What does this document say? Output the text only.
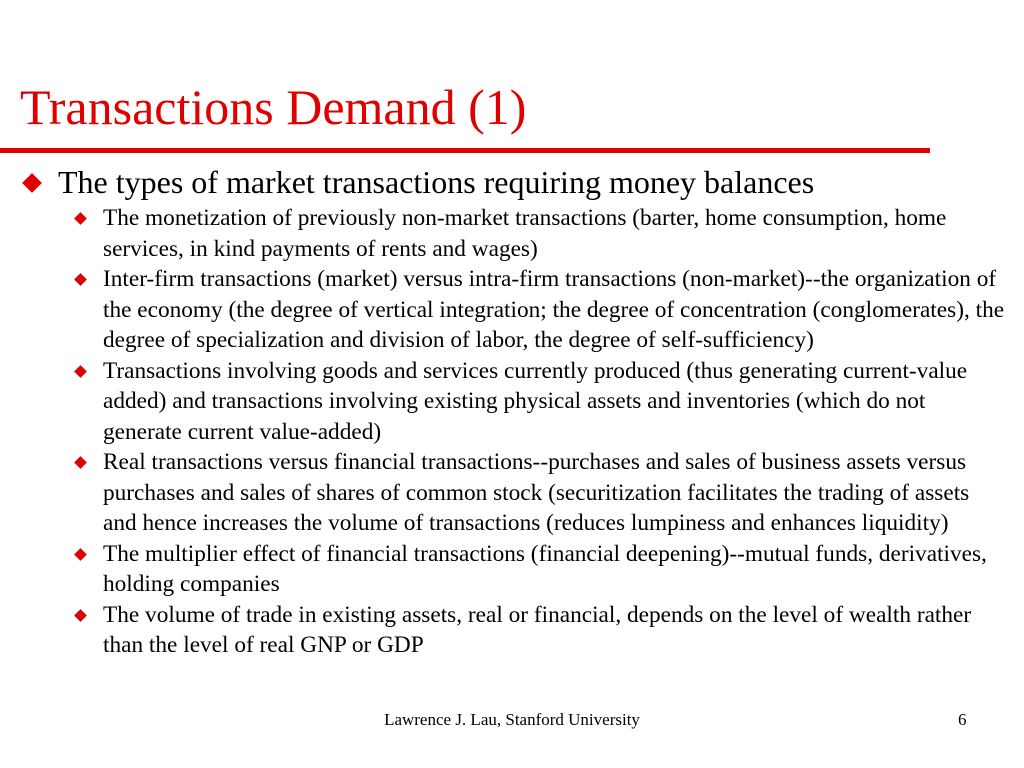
Transactions Demand (1)
The types of market transactions requiring money balances
The monetization of previously non-market transactions (barter, home consumption, home services, in kind payments of rents and wages)
Inter-firm transactions (market) versus intra-firm transactions (non-market)--the organization of the economy (the degree of vertical integration; the degree of concentration (conglomerates), the degree of specialization and division of labor, the degree of self-sufficiency)
Transactions involving goods and services currently produced (thus generating current-value added) and transactions involving existing physical assets and inventories (which do not generate current value-added)
Real transactions versus financial transactions--purchases and sales of business assets versus purchases and sales of shares of common stock (securitization facilitates the trading of assets and hence increases the volume of transactions (reduces lumpiness and enhances liquidity)
The multiplier effect of financial transactions (financial deepening)--mutual funds, derivatives, holding companies
The volume of trade in existing assets, real or financial, depends on the level of wealth rather than the level of real GNP or GDP
Lawrence J. Lau, Stanford University	6
